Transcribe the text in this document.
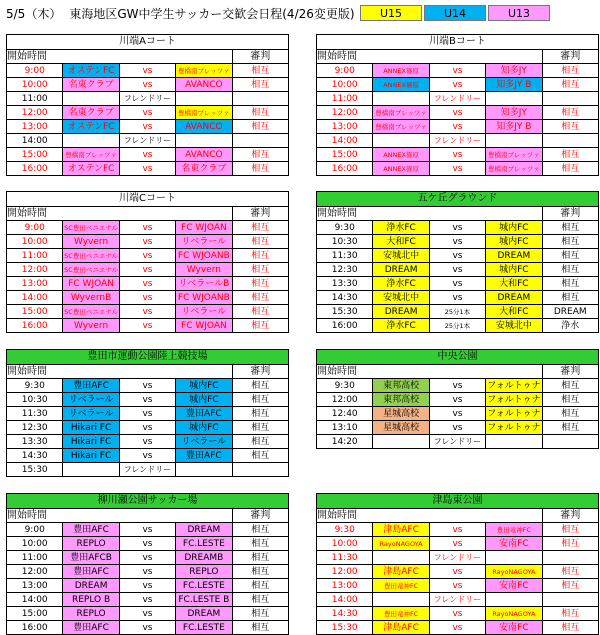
5/5（木） 東海地区GW中学生サッカー交歓会日程(4/26変更版)	U15	U14	U13
川端Aコート				
開始時間				審判
9:00	オステンFC	vs	豊橋南ブレッツァ	相互
10:00	名東クラブ	vs	AVANCO	相互
11:00		フレンドリー		
12:00	名東クラブ	vs	豊橋南ブレッツァ	相互
13:00	オステンFC	vs	AVANCO	相互
14:00		フレンドリー		
15:00	豊橋南ブレッツァ	vs	AVANCO	相互
16:00	オステンFC	vs	名東クラブ	相互
川端Bコート				
開始時間				審判
9:00	ANNEX篠原	vs	知多JY	相互
10:00	ANNEX篠原	vs	知多JY B	相互
11:00		フレンドリー		
12:00	豊橋南ブレッツァ	vs	知多JY	相互
13:00	豊橋南ブレッツァ	vs	知多JY B	相互
14:00		フレンドリー		
15:00	ANNEX篠原	vs	豊橋南ブレッツァ	相互
16:00	ANNEX篠原	vs	豊橋南ブレッツァ	相互
川端Cコート				
開始時間				審判
9:00	SC豊田ベニエナル	vs	FC WJOAN	相互
10:00	Wyvern	vs	リベラール	相互
11:00	SC豊田ベニエナル	vs	FC WJOANB	相互
12:00	SC豊田ベニエナル	vs	Wyvern	相互
13:00	FC WJOAN	vs	リベラールB	相互
14:00	WyvernB	vs	FC WJOANB	相互
15:00	SC豊田ベニエナル	vs	リベラール	相互
16:00	Wyvern	vs	FC WJOAN	相互
五ケ丘グラウンド				
開始時間				審判
9:30	浄水FC	vs	城内FC	相互
10:30	大和FC	vs	城内FC	相互
11:30	安城北中	vs	DREAM	相互
12:30	DREAM	vs	城内FC	相互
13:30	浄水FC	vs	大和FC	相互
14:30	安城北中	vs	DREAM	相互
15:30	DREAM	25分1本	大和FC	DREAM
16:00	浄水FC	25分1本	安城北中	浄水
豊田市運動公園陸上競技場				
開始時間				審判
9:30	豊田AFC	vs	城内FC	相互
10:30	リベラール	vs	城内FC	相互
11:30	リベラール	vs	豊田AFC	相互
12:30	Hikari FC	vs	城内FC	相互
13:30	Hikari FC	vs	リベラール	相互
14:30	Hikari FC	vs	豊田AFC	相互
15:30		フレンドリー		
中央公園				
開始時間				審判
9:30	東邦高校	vs	フォルトゥナ	相互
12:00	東邦高校	vs	フォルトゥナ	相互
12:40	星城高校	vs	フォルトゥナ	相互
13:10	星城高校	vs	フォルトゥナ	相互
14:20		フレンドリー		
柳川瀬公園サッカー場				
開始時間				審判
9:00	豊田AFC	vs	DREAM	相互
10:00	REPLO	vs	FC.LESTE	相互
11:00	豊田AFCB	vs	DREAMB	相互
12:00	豊田AFC	vs	REPLO	相互
13:00	DREAM	vs	FC.LESTE	相互
14:00	REPLO B	vs	FC.LESTE B	相互
15:00	REPLO	vs	DREAM	相互
16:00	豊田AFC	vs	FC.LESTE	相互
津島東公園				
開始時間				審判
9:30	津島AFC	vs	豊田竜神FC	相互
10:00	RayoNAGOYA	vs	安南FC	相互
11:30		フレンドリー		
12:00	津島AFC	vs	RayoNAGOYA	相互
13:00	豊田竜神FC	vs	安南FC	相互
14:00		フレンドリー		
14:30	豊田竜神FC	vs	RayoNAGOYA	相互
15:30	津島AFC	vs	安南FC	相互
